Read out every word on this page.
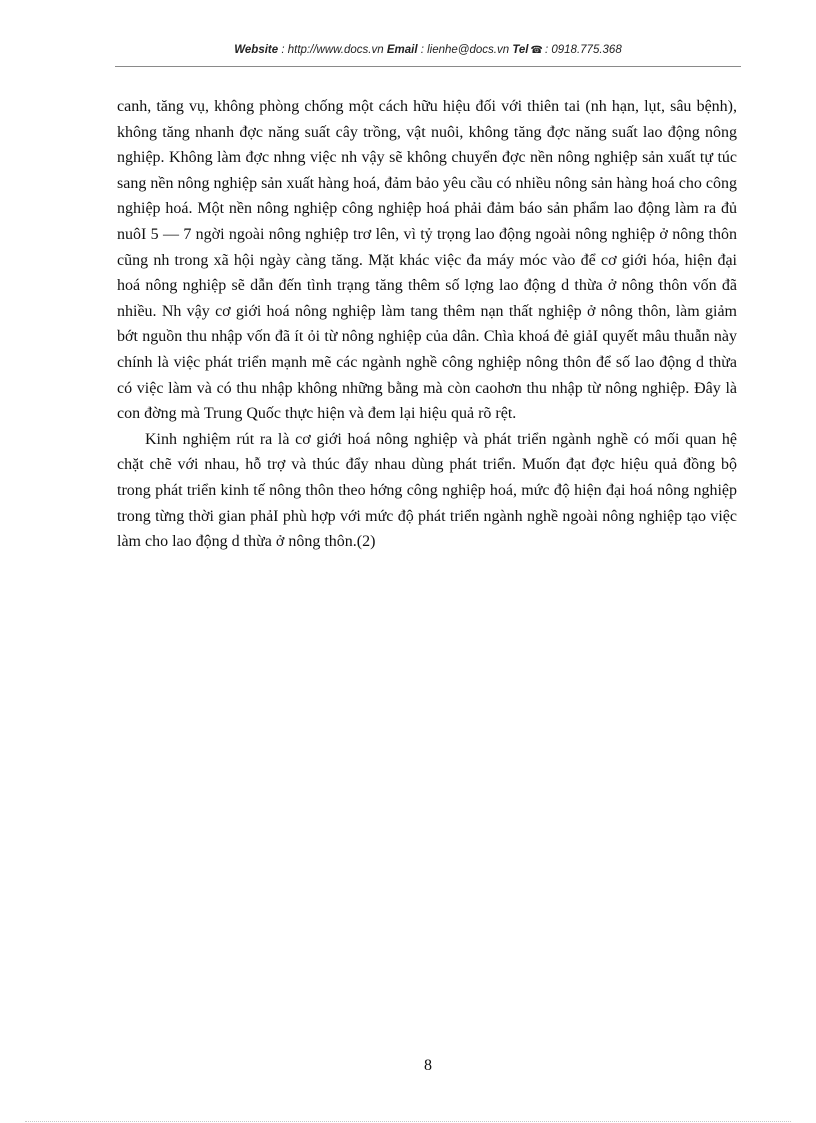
Website : http://www.docs.vn Email : lienhe@docs.vn Tel ☎ : 0918.775.368

canh, tăng vụ, không phòng chống một cách hữu hiệu đối với thiên tai (nh hạn, lụt, sâu bệnh), không tăng nhanh đợc năng suất cây trồng, vật nuôi, không tăng đợc năng suất lao động nông nghiệp. Không làm đợc nhng việc nh vậy sẽ không chuyển đợc nền nông nghiệp sản xuất tự túc sang nền nông nghiệp sản xuất hàng hoá, đảm bảo yêu cầu có nhiều nông sản hàng hoá cho công nghiệp hoá. Một nền nông nghiệp công nghiệp hoá phải đảm báo sản phẩm lao động làm ra đủ nuôI 5 — 7 ngời ngoài nông nghiệp trơ lên, vì tỷ trọng lao động ngoài nông nghiệp ở nông thôn cũng nh trong xã hội ngày càng tăng. Mặt khác việc đa máy móc vào để cơ giới hóa, hiện đại hoá nông nghiệp sẽ dẫn đến tình trạng tăng thêm số lợng lao động d thừa ở nông thôn vốn đã nhiều. Nh vậy cơ giới hoá nông nghiệp làm tang thêm nạn thất nghiệp ở nông thôn, làm giảm bớt nguồn thu nhập vốn đã ít ỏi từ nông nghiệp của dân. Chìa khoá đẻ giảI quyết mâu thuẫn này chính là việc phát triển mạnh mẽ các ngành nghề công nghiệp nông thôn để số lao động d thừa có việc làm và có thu nhập không những bằng mà còn caohơn thu nhập từ nông nghiệp. Đây là con đờng mà Trung Quốc thực hiện và đem lại hiệu quả rõ rệt.

Kinh nghiệm rút ra là cơ giới hoá nông nghiệp và phát triển ngành nghề có mối quan hệ chặt chẽ với nhau, hỗ trợ và thúc đẩy nhau dùng phát triển. Muốn đạt đợc hiệu quả đồng bộ trong phát triển kinh tế nông thôn theo hớng công nghiệp hoá, mức độ hiện đại hoá nông nghiệp trong từng thời gian phảI phù hợp với mức độ phát triển ngành nghề ngoài nông nghiệp tạo việc làm cho lao động d thừa ở nông thôn.(2)

8
